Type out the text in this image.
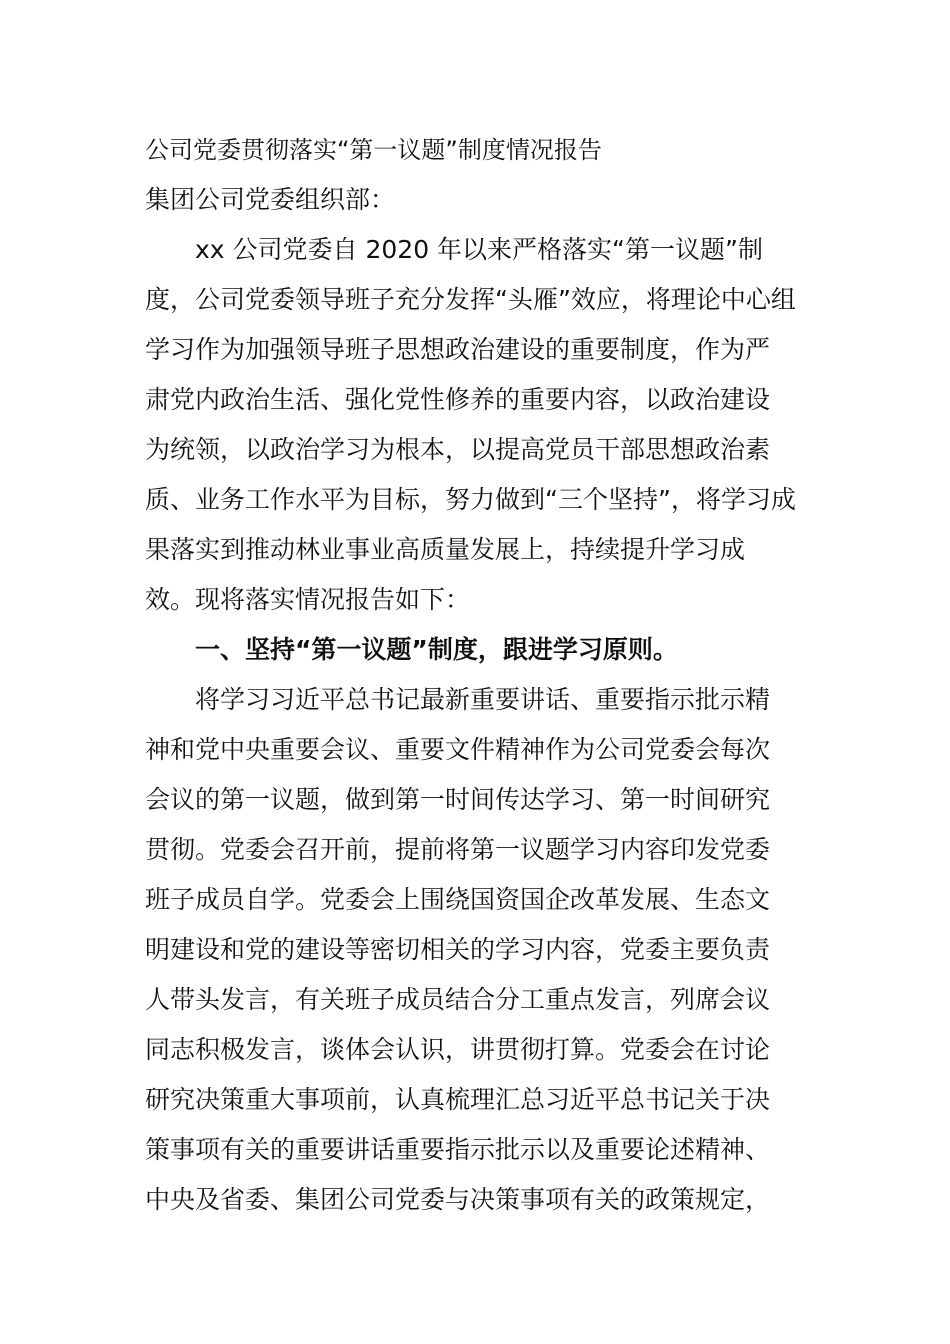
公司党委贯彻落实“第一议题”制度情况报告
集团公司党委组织部：
xx 公司党委自 2020 年以来严格落实“第一议题”制
度，公司党委领导班子充分发挥“头雁”效应，将理论中心组
学习作为加强领导班子思想政治建设的重要制度，作为严
肃党内政治生活、强化党性修养的重要内容，以政治建设
为统领，以政治学习为根本，以提高党员干部思想政治素
质、业务工作水平为目标，努力做到“三个坚持”，将学习成
果落实到推动林业事业高质量发展上，持续提升学习成
效。现将落实情况报告如下：
一、坚持“第一议题”制度，跟进学习原则。
将学习习近平总书记最新重要讲话、重要指示批示精
神和党中央重要会议、重要文件精神作为公司党委会每次
会议的第一议题，做到第一时间传达学习、第一时间研究
贯彻。党委会召开前，提前将第一议题学习内容印发党委
班子成员自学。党委会上围绕国资国企改革发展、生态文
明建设和党的建设等密切相关的学习内容，党委主要负责
人带头发言，有关班子成员结合分工重点发言，列席会议
同志积极发言，谈体会认识，讲贯彻打算。党委会在讨论
研究决策重大事项前，认真梳理汇总习近平总书记关于决
策事项有关的重要讲话重要指示批示以及重要论述精神、
中央及省委、集团公司党委与决策事项有关的政策规定，
